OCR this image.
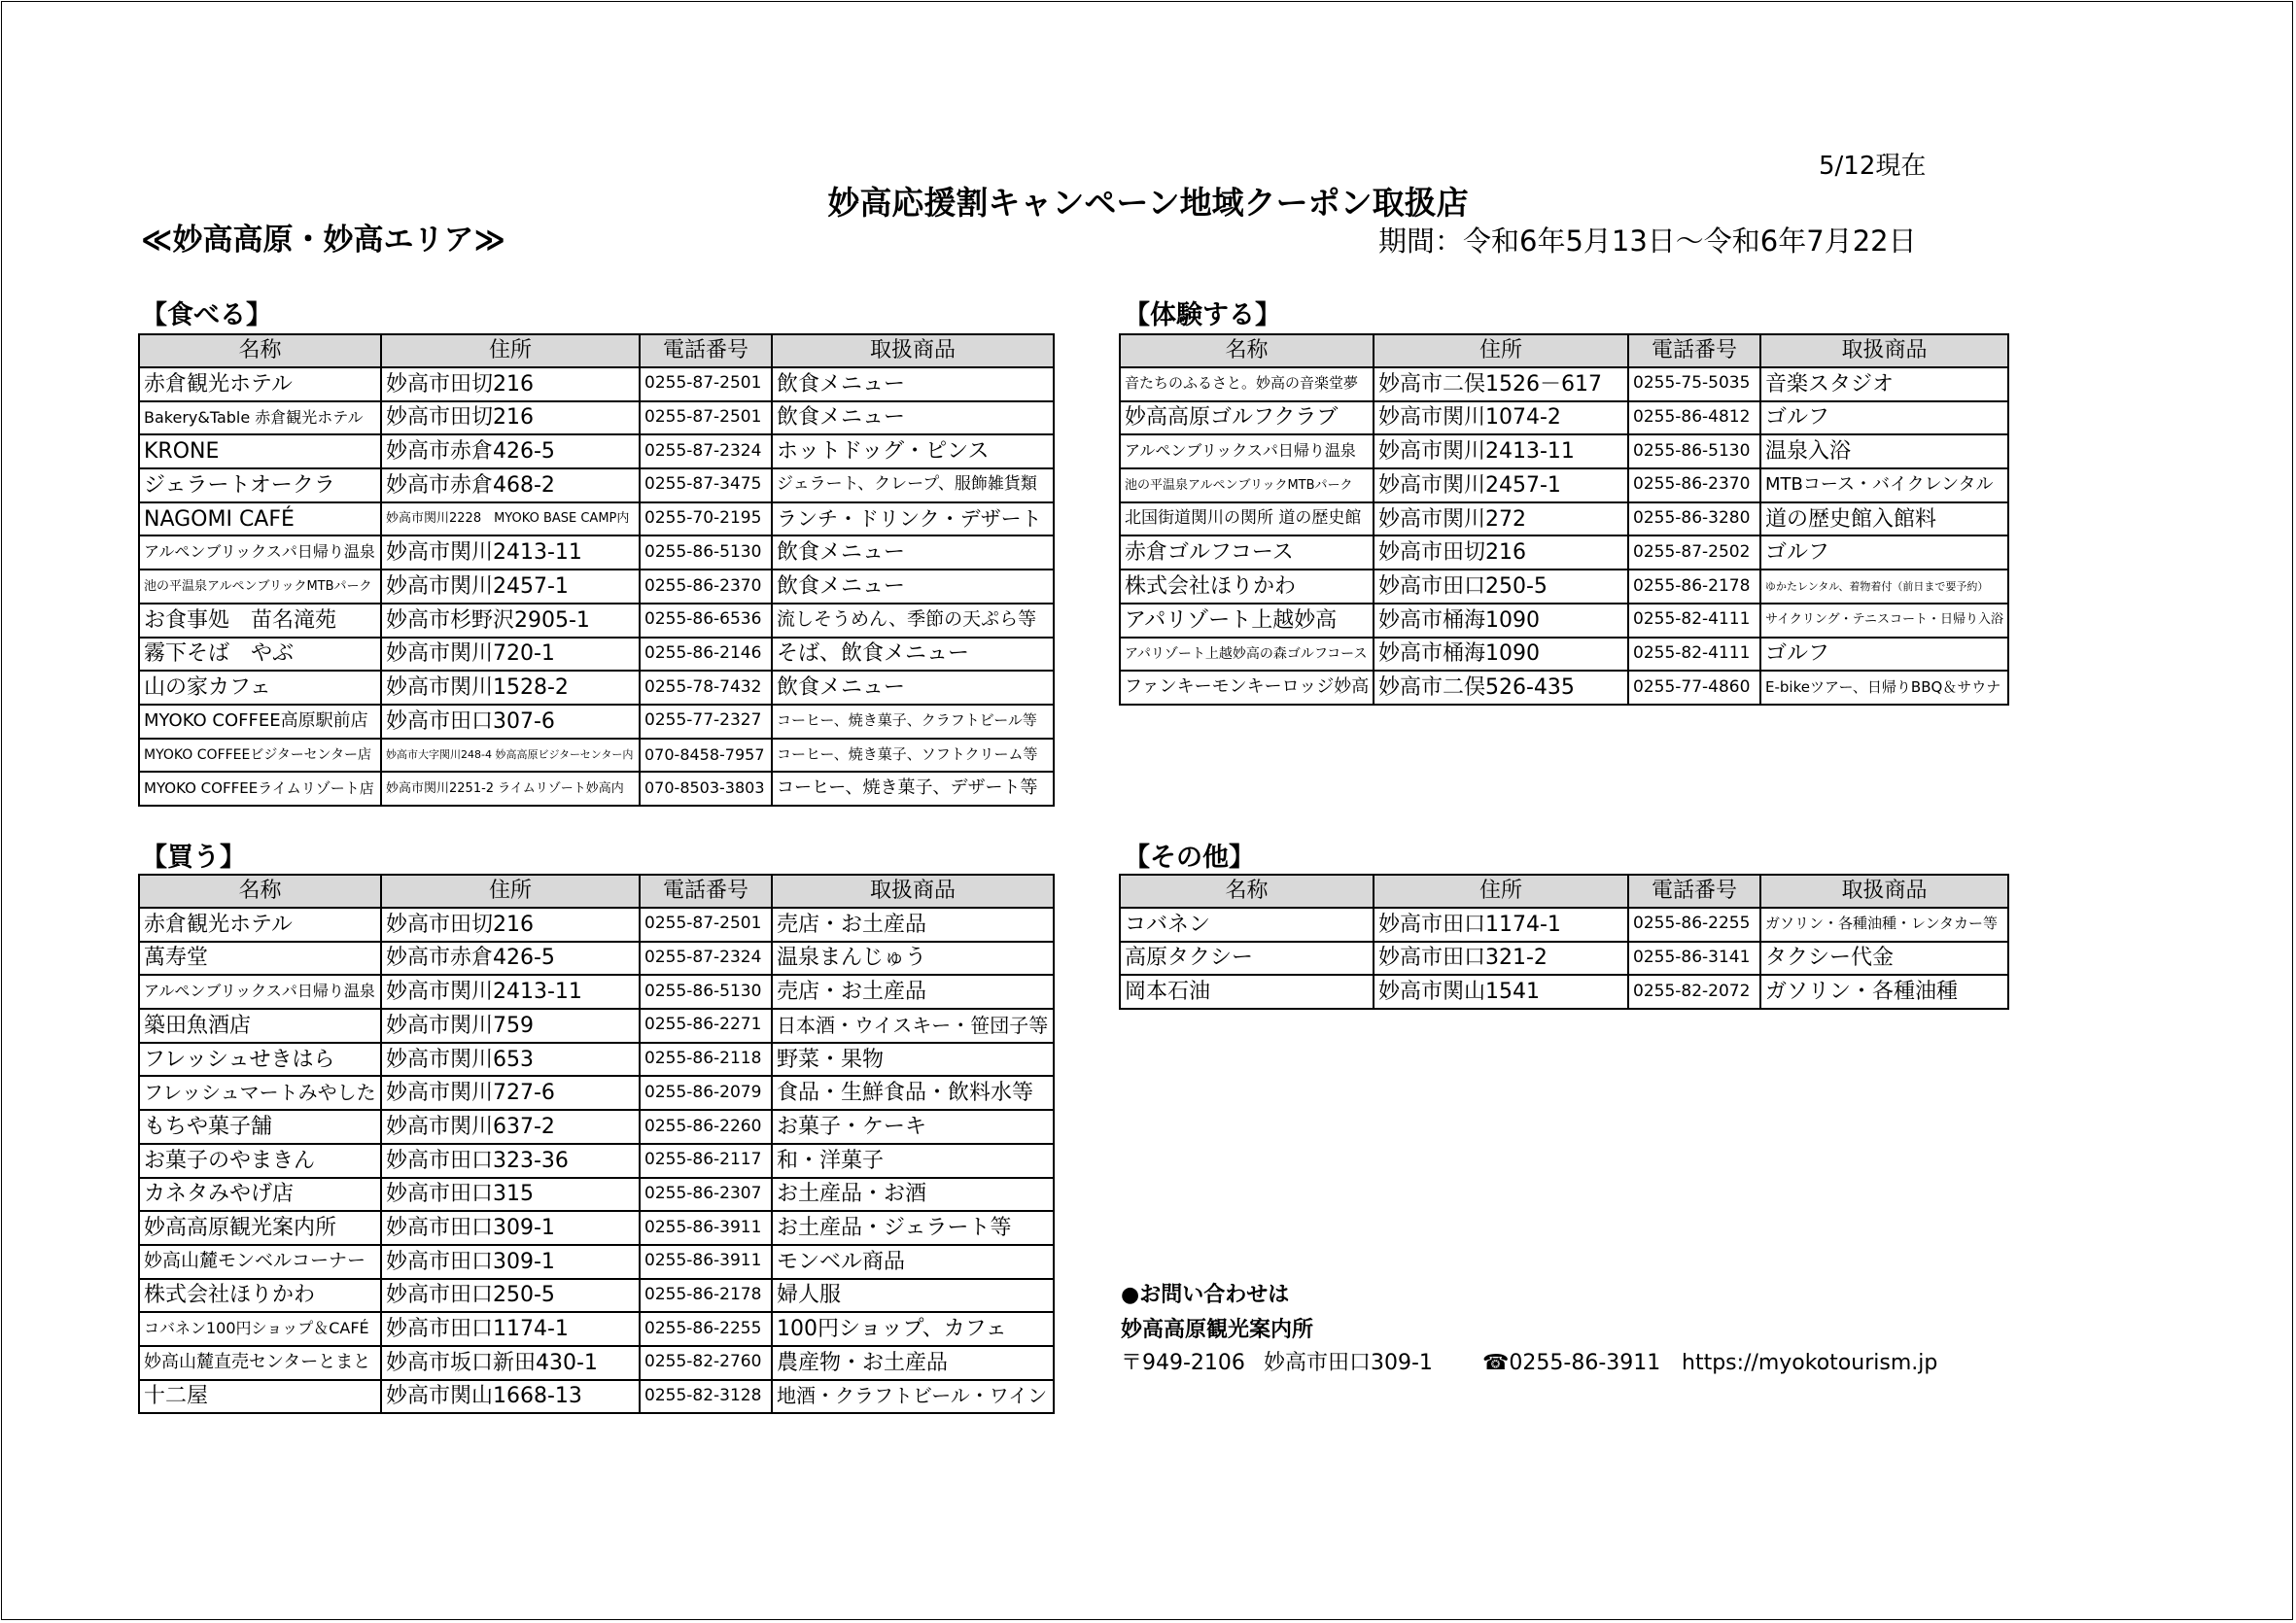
5/12現在
妙高応援割キャンペーン地域クーポン取扱店
≪妙高高原・妙高エリア≫	期間：令和6年5月13日～令和6年7月22日
【食べる】
名称	住所	電話番号	取扱商品
赤倉観光ホテル	妙高市田切216	0255-87-2501	飲食メニュー
Bakery&Table 赤倉観光ホテル	妙高市田切216	0255-87-2501	飲食メニュー
KRONE	妙高市赤倉426-5	0255-87-2324	ホットドッグ・ピンス
ジェラートオークラ	妙高市赤倉468-2	0255-87-3475	ジェラート、クレープ、服飾雑貨類
NAGOMI CAFÉ	妙高市関川2228　MYOKO BASE CAMP内	0255-70-2195	ランチ・ドリンク・デザート
アルペンブリックスパ日帰り温泉	妙高市関川2413-11	0255-86-5130	飲食メニュー
池の平温泉アルペンブリックMTBパーク	妙高市関川2457-1	0255-86-2370	飲食メニュー
お食事処　苗名滝苑	妙高市杉野沢2905-1	0255-86-6536	流しそうめん、季節の天ぷら等
霧下そば　やぶ	妙高市関川720-1	0255-86-2146	そば、飲食メニュー
山の家カフェ	妙高市関川1528-2	0255-78-7432	飲食メニュー
MYOKO COFFEE高原駅前店	妙高市田口307-6	0255-77-2327	コーヒー、焼き菓子、クラフトビール等
MYOKO COFFEEビジターセンター店	妙高市大字関川248-4 妙高高原ビジターセンター内	070-8458-7957	コーヒー、焼き菓子、ソフトクリーム等
MYOKO COFFEEライムリゾート店	妙高市関川2251-2 ライムリゾート妙高内	070-8503-3803	コーヒー、焼き菓子、デザート等
【体験する】
名称	住所	電話番号	取扱商品
音たちのふるさと。妙高の音楽堂夢	妙高市二俣1526－617	0255-75-5035	音楽スタジオ
妙高高原ゴルフクラブ	妙高市関川1074-2	0255-86-4812	ゴルフ
アルペンブリックスパ日帰り温泉	妙高市関川2413-11	0255-86-5130	温泉入浴
池の平温泉アルペンブリックMTBパーク	妙高市関川2457-1	0255-86-2370	MTBコース・バイクレンタル
北国街道関川の関所 道の歴史館	妙高市関川272	0255-86-3280	道の歴史館入館料
赤倉ゴルフコース	妙高市田切216	0255-87-2502	ゴルフ
株式会社ほりかわ	妙高市田口250-5	0255-86-2178	ゆかたレンタル、着物着付（前日まで要予約）
アパリゾート上越妙高	妙高市桶海1090	0255-82-4111	サイクリング・テニスコート・日帰り入浴
アパリゾート上越妙高の森ゴルフコース	妙高市桶海1090	0255-82-4111	ゴルフ
ファンキーモンキーロッジ妙高	妙高市二俣526-435	0255-77-4860	E-bikeツアー、日帰りBBQ＆サウナ
【買う】
名称	住所	電話番号	取扱商品
赤倉観光ホテル	妙高市田切216	0255-87-2501	売店・お土産品
萬寿堂	妙高市赤倉426-5	0255-87-2324	温泉まんじゅう
アルペンブリックスパ日帰り温泉	妙高市関川2413-11	0255-86-5130	売店・お土産品
築田魚酒店	妙高市関川759	0255-86-2271	日本酒・ウイスキー・笹団子等
フレッシュせきはら	妙高市関川653	0255-86-2118	野菜・果物
フレッシュマートみやした	妙高市関川727-6	0255-86-2079	食品・生鮮食品・飲料水等
もちや菓子舗	妙高市関川637-2	0255-86-2260	お菓子・ケーキ
お菓子のやまきん	妙高市田口323-36	0255-86-2117	和・洋菓子
カネタみやげ店	妙高市田口315	0255-86-2307	お土産品・お酒
妙高高原観光案内所	妙高市田口309-1	0255-86-3911	お土産品・ジェラート等
妙高山麓モンベルコーナー	妙高市田口309-1	0255-86-3911	モンベル商品
株式会社ほりかわ	妙高市田口250-5	0255-86-2178	婦人服
コバネン100円ショップ＆CAFÉ	妙高市田口1174-1	0255-86-2255	100円ショップ、カフェ
妙高山麓直売センターとまと	妙高市坂口新田430-1	0255-82-2760	農産物・お土産品
十二屋	妙高市関山1668-13	0255-82-3128	地酒・クラフトビール・ワイン
【その他】
名称	住所	電話番号	取扱商品
コバネン	妙高市田口1174-1	0255-86-2255	ガソリン・各種油種・レンタカー等
高原タクシー	妙高市田口321-2	0255-86-3141	タクシー代金
岡本石油	妙高市関山1541	0255-82-2072	ガソリン・各種油種
●お問い合わせは
妙高高原観光案内所
〒949-2106 妙高市田口309-1 ☎0255-86-3911 https://myokotourism.jp
